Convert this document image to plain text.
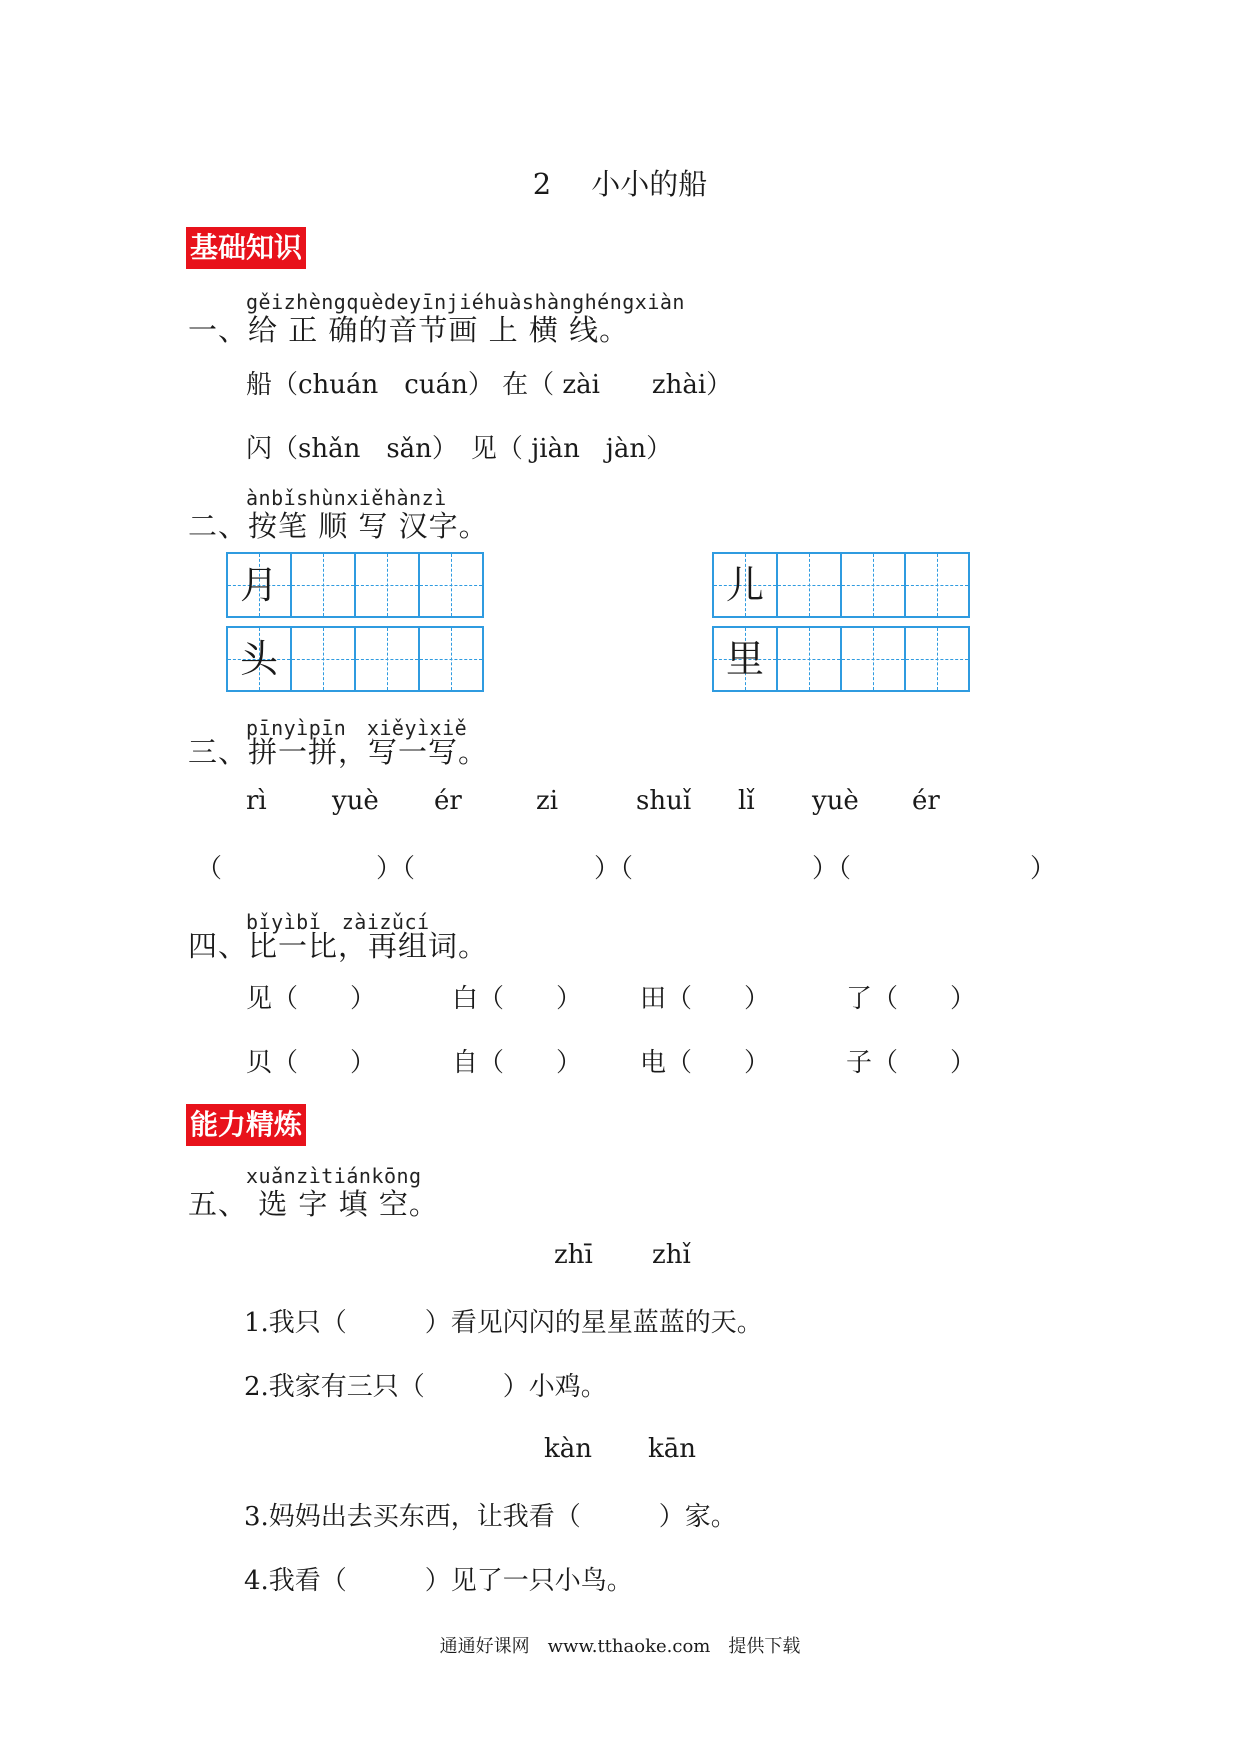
2 小小的船
基础知识
gěizhèngquèdeyīnjiéhuàshànghéngxiàn
一、给 正 确的音节画 上 横 线。
船（chuán　cuán） 在（ zài　　zhài）
闪（shǎn　sǎn）　见（ jiàn　jàn）
ànbǐshùnxiěhànzì
二、按笔 顺 写 汉字。
月	儿
头	里
pīnyìpīn　xiěyìxiě
三、拼一拼，写一写。
rì	yuè ér	zi	shuǐ lǐ yuè ér
（	）（	）（	）（	）
bǐyìbǐ　zàizǔcí
四、比一比，再组词。
见（　　）	白（　　） 田（　　）	了（　　）
贝（　　）	自（　　） 电（　　）	子（　　）
能力精炼
xuǎnzìtiánkōng
五、 选 字 填 空。
zhī zhǐ
1.我只（　　　）看见闪闪的星星蓝蓝的天。
2.我家有三只（　　　）小鸡。
kàn kān
3.妈妈出去买东西，让我看（　　　）家。
4.我看（　　　）见了一只小鸟。
通通好课网　www.tthaoke.com　提供下载
